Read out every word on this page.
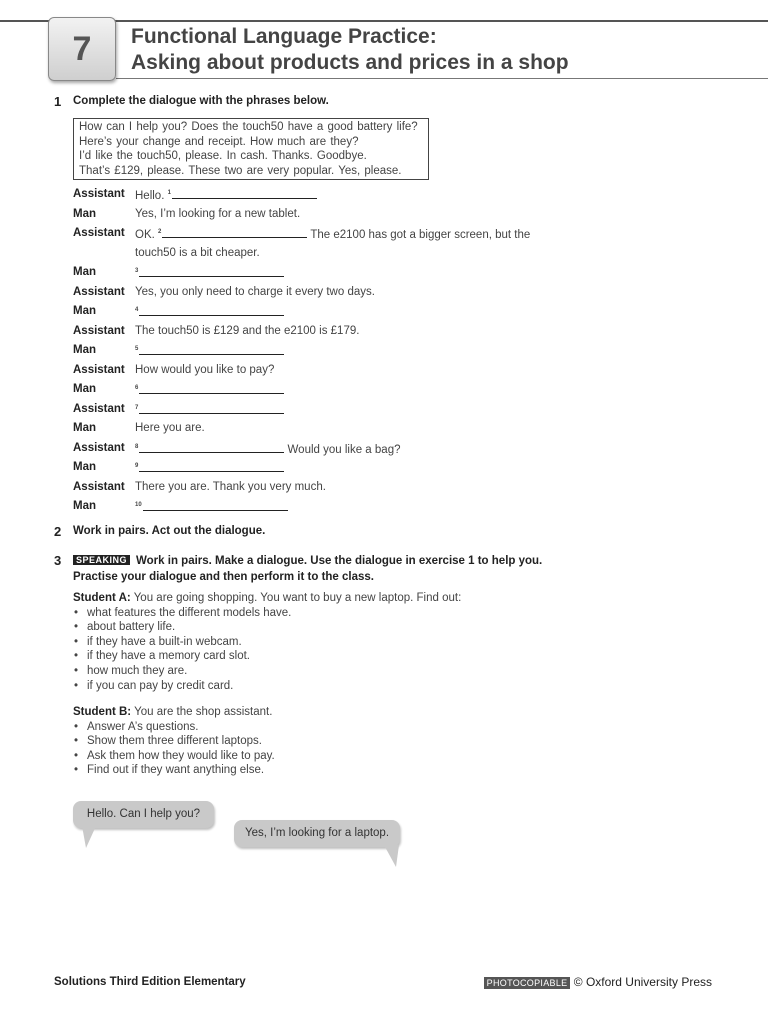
7	Functional Language Practice:
Asking about products and prices in a shop
1 Complete the dialogue with the phrases below.
How can I help you? Does the touch50 have a good battery life?
Here’s your change and receipt. How much are they?
I’d like the touch50, please. In cash. Thanks. Goodbye.
That’s £129, please. These two are very popular. Yes, please.
Assistant Hello. $^1$
Man	Yes, I’m looking for a new tablet.
Assistant OK. $^2$	The e2100 has got a bigger screen, but the
touch50 is a bit cheaper.
Man	$^3$
Assistant Yes, you only need to charge it every two days.
Man	$^4$
Assistant The touch50 is £129 and the e2100 is £179.
Man	$^5$
Assistant How would you like to pay?
Man	$^6$
Assistant $^7$
Man	Here you are.
Assistant $^8$	Would you like a bag?
Man	$^9$
Assistant There you are. Thank you very much.
Man	$^{10}$
2 Work in pairs. Act out the dialogue.
3	SPEAKING Work in pairs. Make a dialogue. Use the dialogue in exercise 1 to help you.
Practise your dialogue and then perform it to the class.
Student A: You are going shopping. You want to buy a new laptop. Find out:
• what features the different models have.
• about battery life.
• if they have a built-in webcam.
• if they have a memory card slot.
• how much they are.
• if you can pay by credit card.
Student B: You are the shop assistant.
• Answer A’s questions.
• Show them three different laptops.
• Ask them how they would like to pay.
• Find out if they want anything else.
Hello. Can I help you?
Yes, I’m looking for a laptop.
Solutions Third Edition Elementary	PHOTOCOPIABLE © Oxford University Press
